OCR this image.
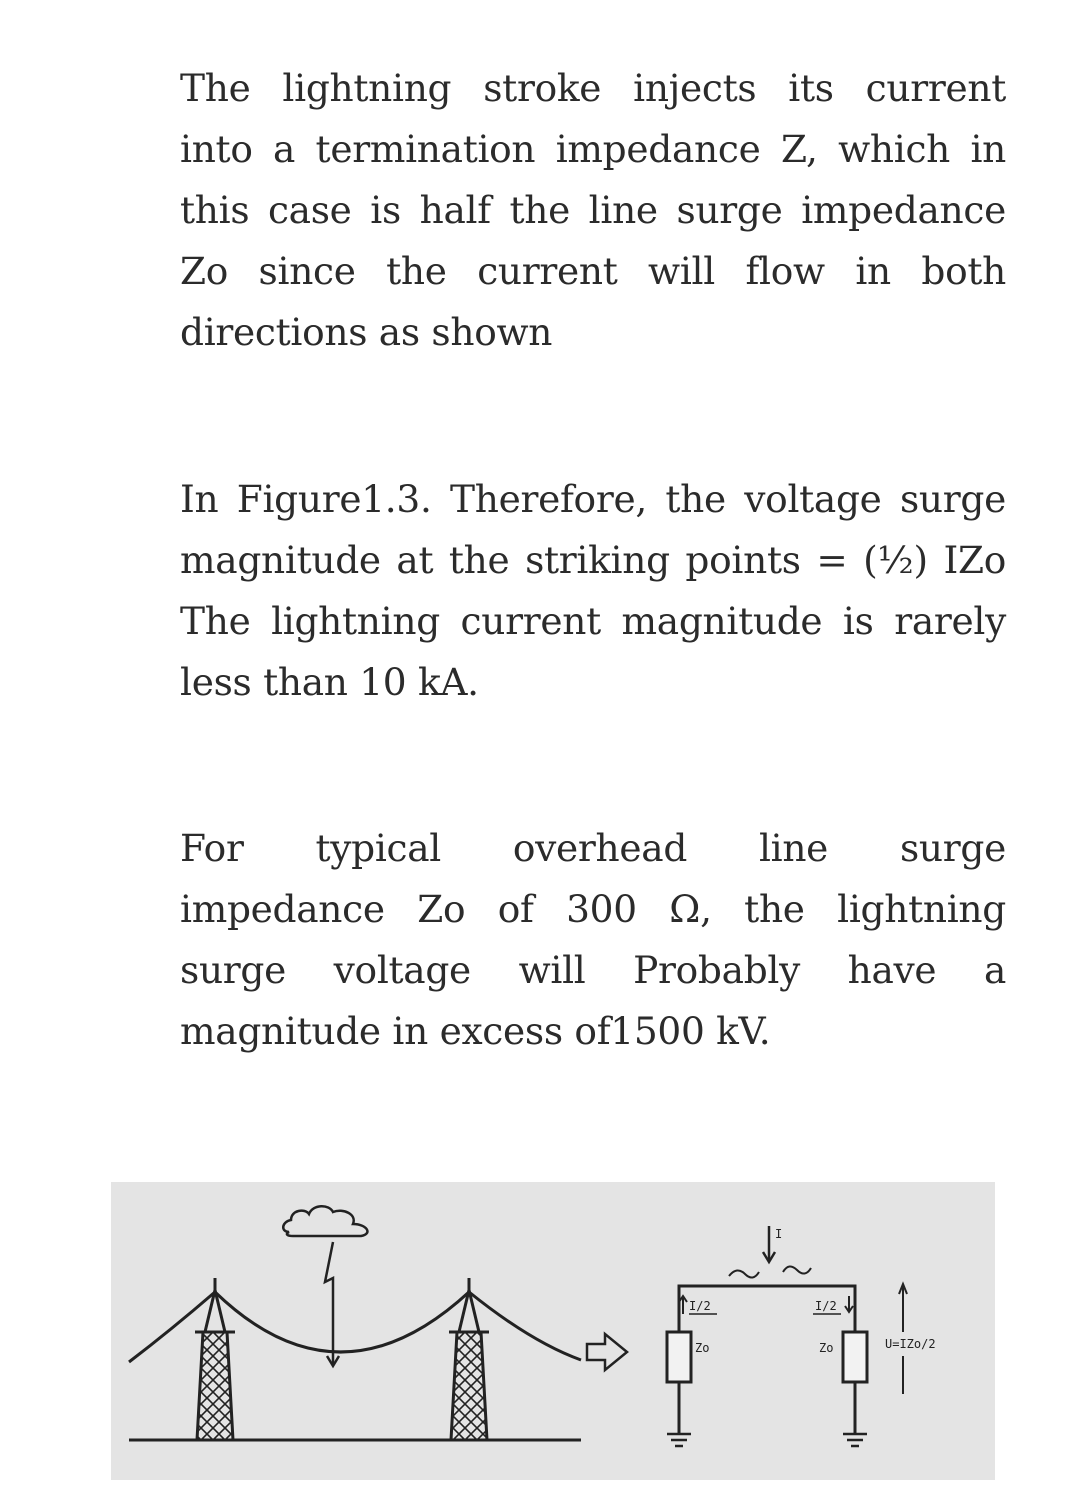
The lightning stroke injects its current
into a termination impedance Z, which in
this case is half the line surge impedance
Zo since the current will flow in both
directions as shown
In Figure1.3. Therefore, the voltage surge
magnitude at the striking points = (½) IZo
The lightning current magnitude is rarely
less than 10 kA.
For typical overhead line surge
impedance Zo of 300 Ω, the lightning
surge voltage will Probably have a
magnitude in excess of1500 kV.
I
I/2	I/2
Zo	Zo	U=IZo/2
